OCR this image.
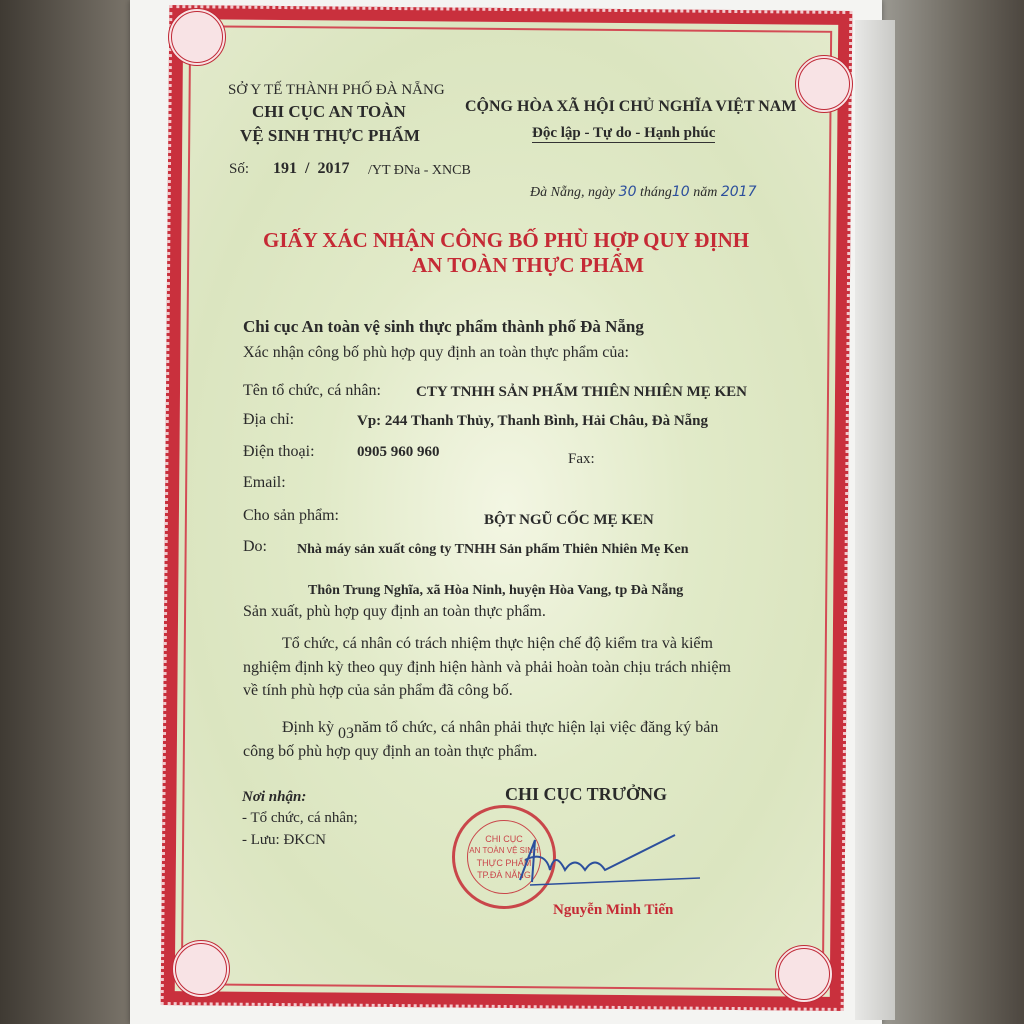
SỞ Y TẾ THÀNH PHỐ ĐÀ NẴNG
CHI CỤC AN TOÀN
VỆ SINH THỰC PHẨM
CỘNG HÒA XÃ HỘI CHỦ NGHĨA VIỆT NAM
Độc lập - Tự do - Hạnh phúc
Số: 191  /  2017 /YT ĐNa - XNCB
Đà Nẵng, ngày 30 tháng10 năm 2017
GIẤY XÁC NHẬN CÔNG BỐ PHÙ HỢP QUY ĐỊNH
AN TOÀN THỰC PHẨM
Chi cục An toàn vệ sinh thực phẩm thành phố Đà Nẵng
Xác nhận công bố phù hợp quy định an toàn thực phẩm của:
Tên tổ chức, cá nhân: CTY TNHH SẢN PHẨM THIÊN NHIÊN MẸ KEN
Địa chỉ:	Vp: 244 Thanh Thủy, Thanh Bình, Hải Châu, Đà Nẵng
Điện thoại:	0905 960 960	Fax:
Email:
Cho sản phẩm:	BỘT NGŨ CỐC MẸ KEN
Do: Nhà máy sản xuất công ty TNHH Sản phẩm Thiên Nhiên Mẹ Ken
Thôn Trung Nghĩa, xã Hòa Ninh, huyện Hòa Vang, tp Đà Nẵng
Sản xuất, phù hợp quy định an toàn thực phẩm.
Tổ chức, cá nhân có trách nhiệm thực hiện chế độ kiểm tra và kiểm
nghiệm định kỳ theo quy định hiện hành và phải hoàn toàn chịu trách nhiệm
về tính phù hợp của sản phẩm đã công bố.
Định kỳ 03năm tổ chức, cá nhân phải thực hiện lại việc đăng ký bản
công bố phù hợp quy định an toàn thực phẩm.
Nơi nhận:
- Tổ chức, cá nhân;
- Lưu: ĐKCN
CHI CỤC TRƯỞNG
CHI CỤC
AN TOÀN VỆ SINH
THỰC PHẨM
TP.ĐÀ NẴNG
Nguyễn Minh Tiến
